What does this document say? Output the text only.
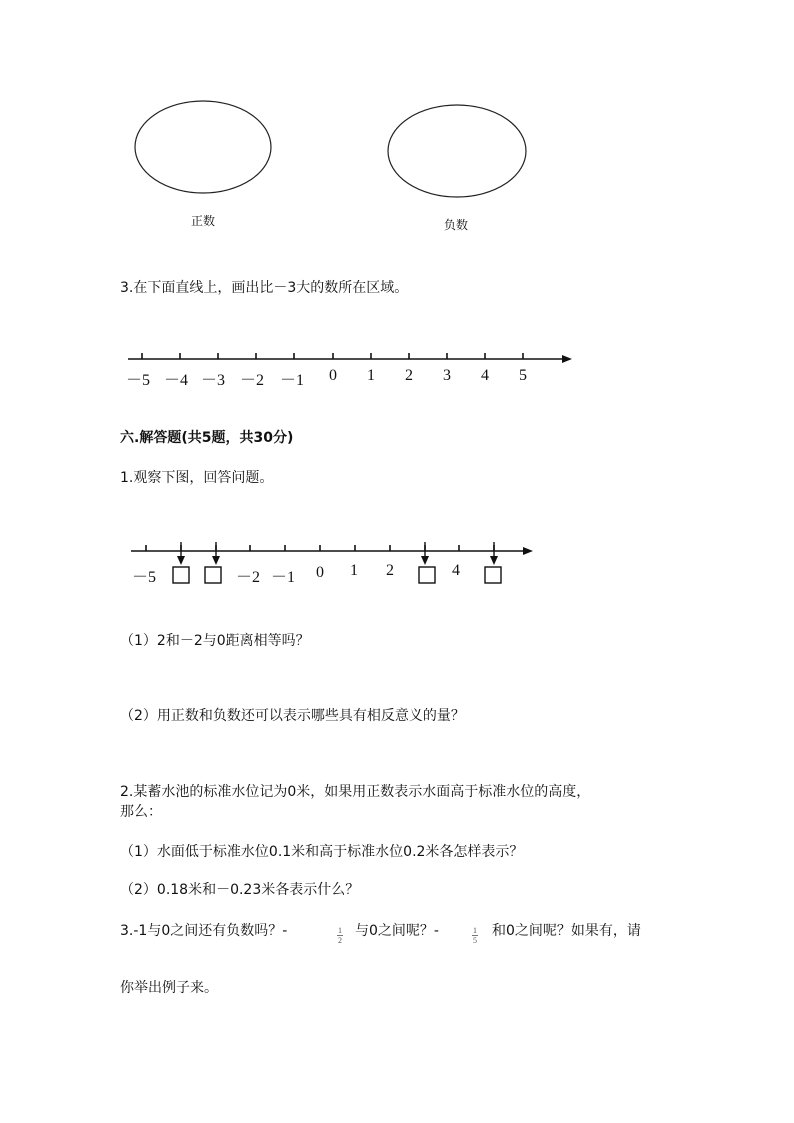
正数	负数
3.在下面直线上，画出比－3大的数所在区域。
－5 －4 －3 －2 －1 0 1 2 3 4 5
六.解答题(共5题，共30分)
1.观察下图，回答问题。
－5	－2 －1 0 1 2	4
（1）2和－2与0距离相等吗？
（2）用正数和负数还可以表示哪些具有相反意义的量？
2.某蓄水池的标准水位记为0米，如果用正数表示水面高于标准水位的高度，
那么：
（1）水面低于标准水位0.1米和高于标准水位0.2米各怎样表示？
（2）0.18米和－0.23米各表示什么？
3.-1与0之间还有负数吗？-	1
2
与0之间呢？-	1
5
和0之间呢？如果有，请
你举出例子来。
